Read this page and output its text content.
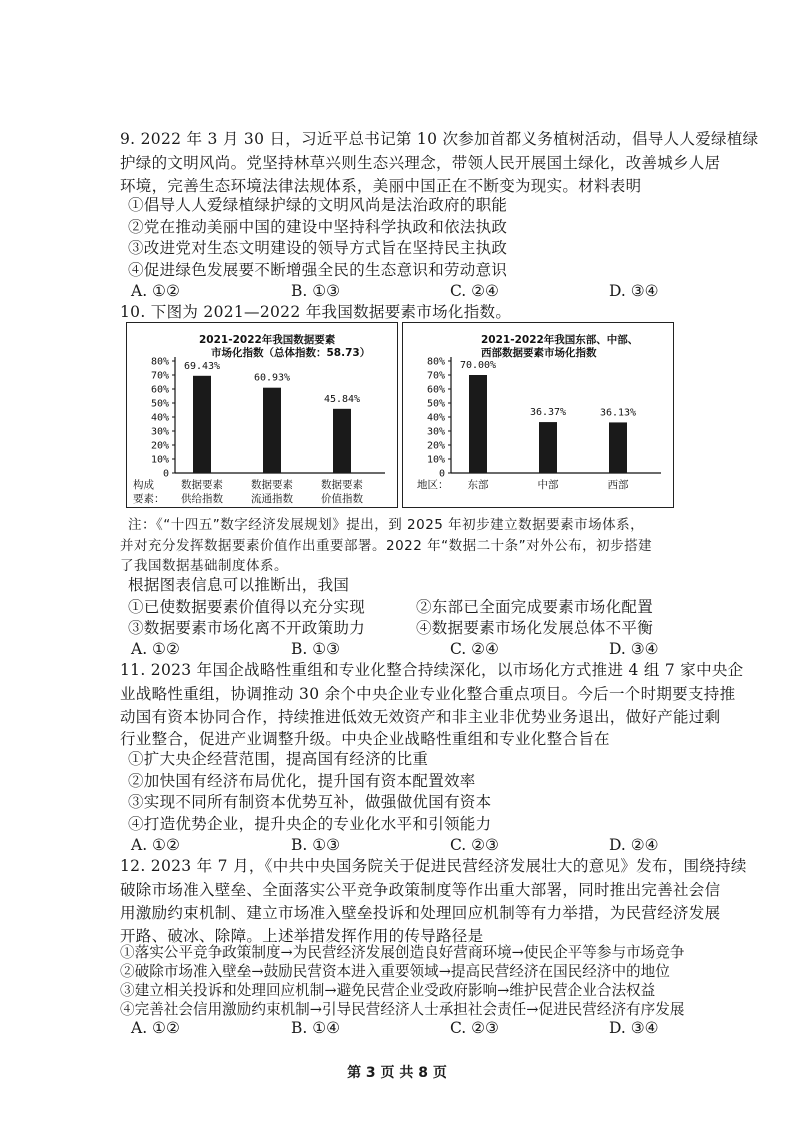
9. 2022 年 3 月 30 日，习近平总书记第 10 次参加首都义务植树活动，倡导人人爱绿植绿
护绿的文明风尚。党坚持林草兴则生态兴理念，带领人民开展国土绿化，改善城乡人居
环境，完善生态环境法律法规体系，美丽中国正在不断变为现实。材料表明
①倡导人人爱绿植绿护绿的文明风尚是法治政府的职能
②党在推动美丽中国的建设中坚持科学执政和依法执政
③改进党对生态文明建设的领导方式旨在坚持民主执政
④促进绿色发展要不断增强全民的生态意识和劳动意识
A. ①②	B. ①③	C. ②④	D. ③④
10. 下图为 2021—2022 年我国数据要素市场化指数。
2021-2022年我国数据要素
市场化指数（总体指数：58.73）
80%
70%
60%
50%
40%
30%
20%
10%
0
69.43%
数据要素
供给指数
60.93%
数据要素
流通指数
45.84%
数据要素
价值指数
构成
要素：
2021-2022年我国东部、中部、
西部数据要素市场化指数
80%
70%
60%
50%
40%
30%
20%
10%
0
70.00%
东部
36.37%
中部
36.13%
西部
地区：
注：《“十四五”数字经济发展规划》提出，到 2025 年初步建立数据要素市场体系，
并对充分发挥数据要素价值作出重要部署。2022 年“数据二十条”对外公布，初步搭建
了我国数据基础制度体系。
根据图表信息可以推断出，我国
①已使数据要素价值得以充分实现	②东部已全面完成要素市场化配置
③数据要素市场化离不开政策助力	④数据要素市场化发展总体不平衡
A. ①②	B. ①③	C. ②④	D. ③④
11. 2023 年国企战略性重组和专业化整合持续深化，以市场化方式推进 4 组 7 家中央企
业战略性重组，协调推动 30 余个中央企业专业化整合重点项目。今后一个时期要支持推
动国有资本协同合作，持续推进低效无效资产和非主业非优势业务退出，做好产能过剩
行业整合，促进产业调整升级。中央企业战略性重组和专业化整合旨在
①扩大央企经营范围，提高国有经济的比重
②加快国有经济布局优化，提升国有资本配置效率
③实现不同所有制资本优势互补，做强做优国有资本
④打造优势企业，提升央企的专业化水平和引领能力
A. ①②	B. ①③	C. ②③	D. ②④
12. 2023 年 7 月，《中共中央国务院关于促进民营经济发展壮大的意见》发布，围绕持续
破除市场准入壁垒、全面落实公平竞争政策制度等作出重大部署，同时推出完善社会信
用激励约束机制、建立市场准入壁垒投诉和处理回应机制等有力举措，为民营经济发展
开路、破冰、除障。上述举措发挥作用的传导路径是
①落实公平竞争政策制度→为民营经济发展创造良好营商环境→使民企平等参与市场竞争
②破除市场准入壁垒→鼓励民营资本进入重要领域→提高民营经济在国民经济中的地位
③建立相关投诉和处理回应机制→避免民营企业受政府影响→维护民营企业合法权益
④完善社会信用激励约束机制→引导民营经济人士承担社会责任→促进民营经济有序发展
第 3 页 共 8 页
A. ①②	B. ①④	C. ②③	D. ③④
